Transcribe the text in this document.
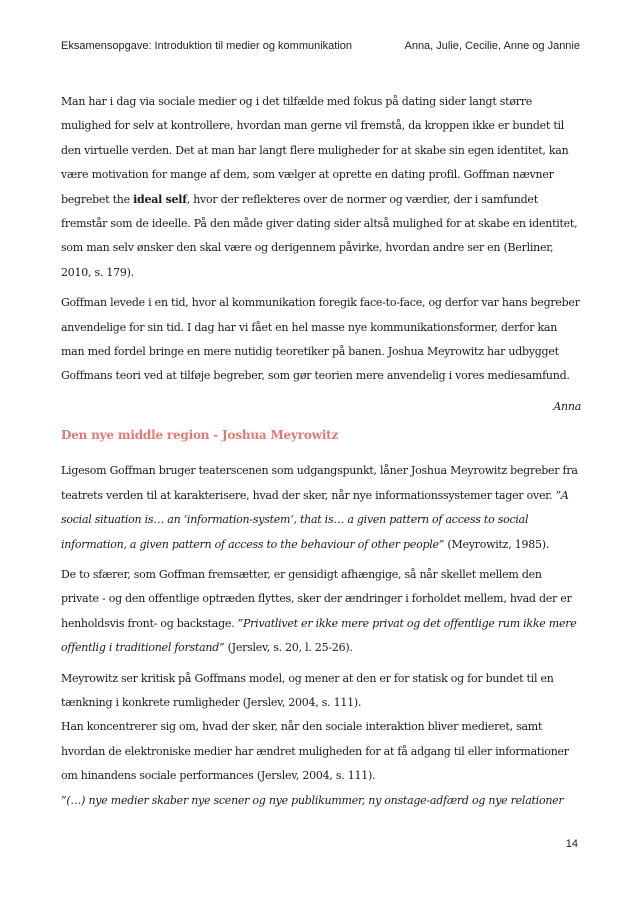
Eksamensopgave: Introduktion til medier og kommunikation	Anna, Julie, Cecilie, Anne og Jannie

Man har i dag via sociale medier og i det tilfælde med fokus på dating sider langt større mulighed for selv at kontrollere, hvordan man gerne vil fremstå, da kroppen ikke er bundet til den virtuelle verden. Det at man har langt flere muligheder for at skabe sin egen identitet, kan være motivation for mange af dem, som vælger at oprette en dating profil. Goffman nævner begrebet the ideal self, hvor der reflekteres over de normer og værdier, der i samfundet fremstår som de ideelle. På den måde giver dating sider altså mulighed for at skabe en identitet, som man selv ønsker den skal være og derigennem påvirke, hvordan andre ser en (Berliner, 2010, s. 179).

Goffman levede i en tid, hvor al kommunikation foregik face-to-face, og derfor var hans begreber anvendelige for sin tid. I dag har vi fået en hel masse nye kommunikationsformer, derfor kan man med fordel bringe en mere nutidig teoretiker på banen. Joshua Meyrowitz har udbygget Goffmans teori ved at tilføje begreber, som gør teorien mere anvendelig i vores mediesamfund.

Anna

Den nye middle region - Joshua Meyrowitz

Ligesom Goffman bruger teaterscenen som udgangspunkt, låner Joshua Meyrowitz begreber fra teatrets verden til at karakterisere, hvad der sker, når nye informationssystemer tager over. ”A social situation is… an ‘information-system’, that is… a given pattern of access to social information, a given pattern of access to the behaviour of other people” (Meyrowitz, 1985).

De to sfærer, som Goffman fremsætter, er gensidigt afhængige, så når skellet mellem den private - og den offentlige optræden flyttes, sker der ændringer i forholdet mellem, hvad der er henholdsvis front- og backstage. ”Privatlivet er ikke mere privat og det offentlige rum ikke mere offentlig i traditionel forstand” (Jerslev, s. 20, l. 25-26).

Meyrowitz ser kritisk på Goffmans model, og mener at den er for statisk og for bundet til en tænkning i konkrete rumligheder (Jerslev, 2004, s. 111).
Han koncentrerer sig om, hvad der sker, når den sociale interaktion bliver medieret, samt hvordan de elektroniske medier har ændret muligheden for at få adgang til eller informationer om hinandens sociale performances (Jerslev, 2004, s. 111).
”(…) nye medier skaber nye scener og nye publikummer, ny onstage-adfærd og nye relationer

14
